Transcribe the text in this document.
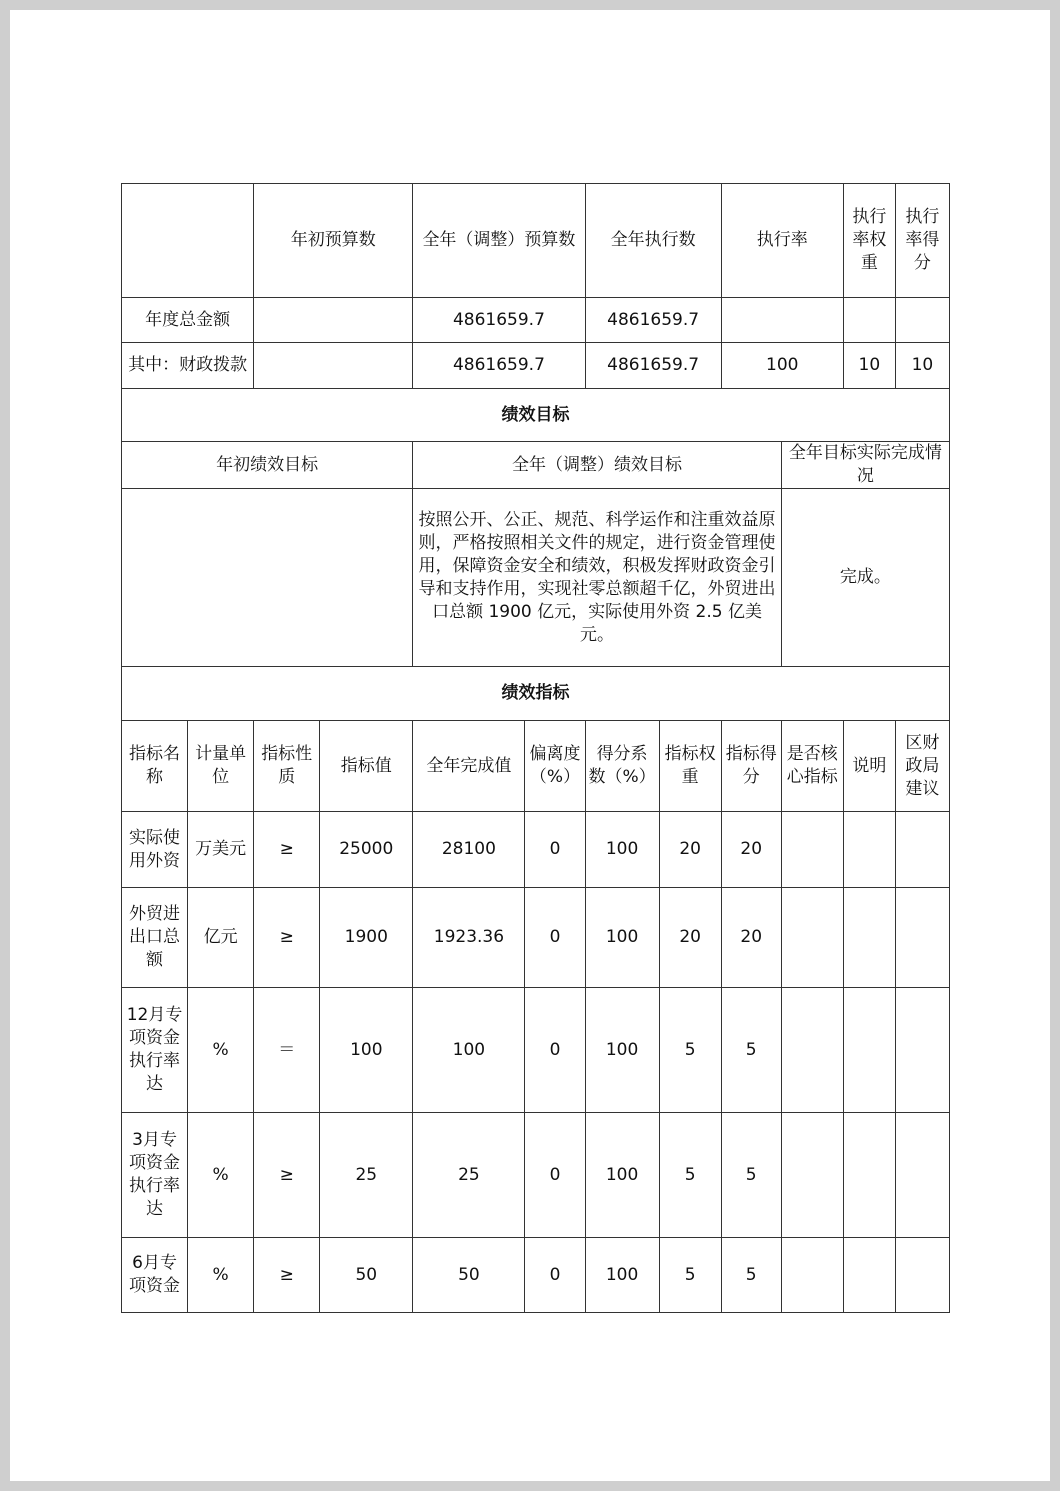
		年初预算数		全年（调整）预算数		全年执行数		执行率		执行率权重	执行率得分
年度总金额				4861659.7		4861659.7					
其中：财政拨款				4861659.7		4861659.7		100		10	10
绩效目标											
年初绩效目标				全年（调整）绩效目标					全年目标实际完成情况		
				按照公开、公正、规范、科学运作和注重效益原则，严格按照相关文件的规定，进行资金管理使用，保障资金安全和绩效，积极发挥财政资金引导和支持作用，实现社零总额超千亿，外贸进出口总额 1900 亿元，实际使用外资 2.5 亿美元。					完成。		
绩效指标											
指标名称	计量单位	指标性质	指标值	全年完成值	偏离度（%）	得分系数（%）	指标权重	指标得分	是否核心指标	说明	区财政局建议
实际使用外资	万美元	≥	25000	28100	0	100	20	20			
外贸进出口总额	亿元	≥	1900	1923.36	0	100	20	20			
12月专项资金执行率达	%	＝	100	100	0	100	5	5			
3月专项资金执行率达	%	≥	25	25	0	100	5	5			
6月专项资金	%	≥	50	50	0	100	5	5			
